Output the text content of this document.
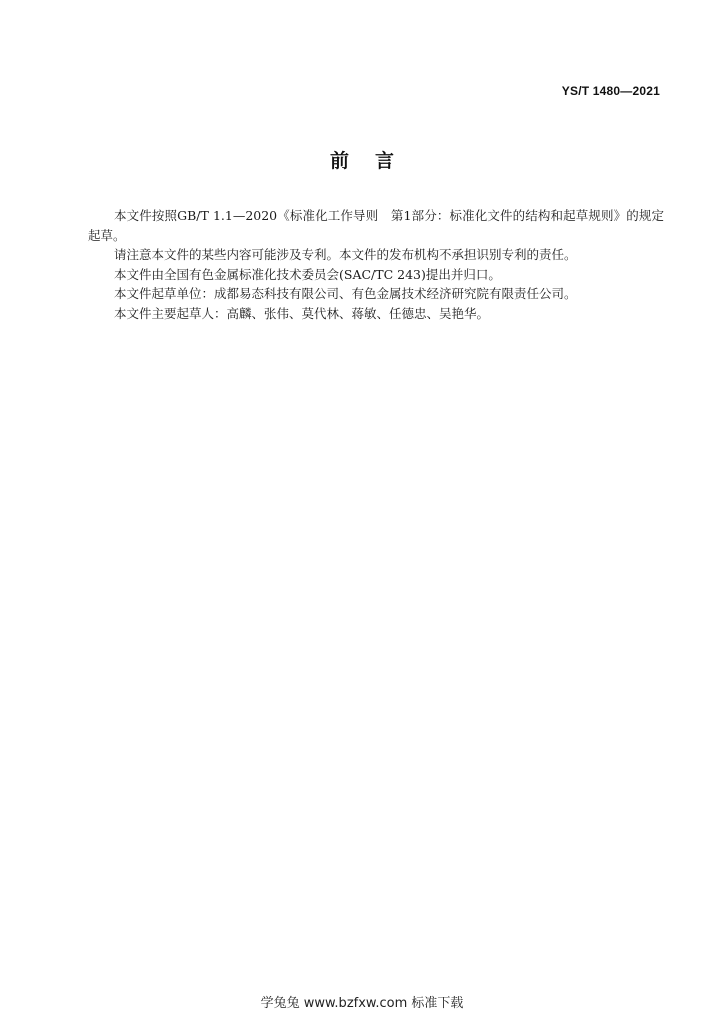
YS/T 1480—2021
前言

本文件按照GB/T 1.1—2020《标准化工作导则　第1部分：标准化文件的结构和起草规则》的规定起草。

请注意本文件的某些内容可能涉及专利。本文件的发布机构不承担识别专利的责任。

本文件由全国有色金属标准化技术委员会(SAC/TC 243)提出并归口。

本文件起草单位：成都易态科技有限公司、有色金属技术经济研究院有限责任公司。

本文件主要起草人：高麟、张伟、莫代林、蒋敏、任德忠、吴艳华。

学兔兔 www.bzfxw.com 标准下载
